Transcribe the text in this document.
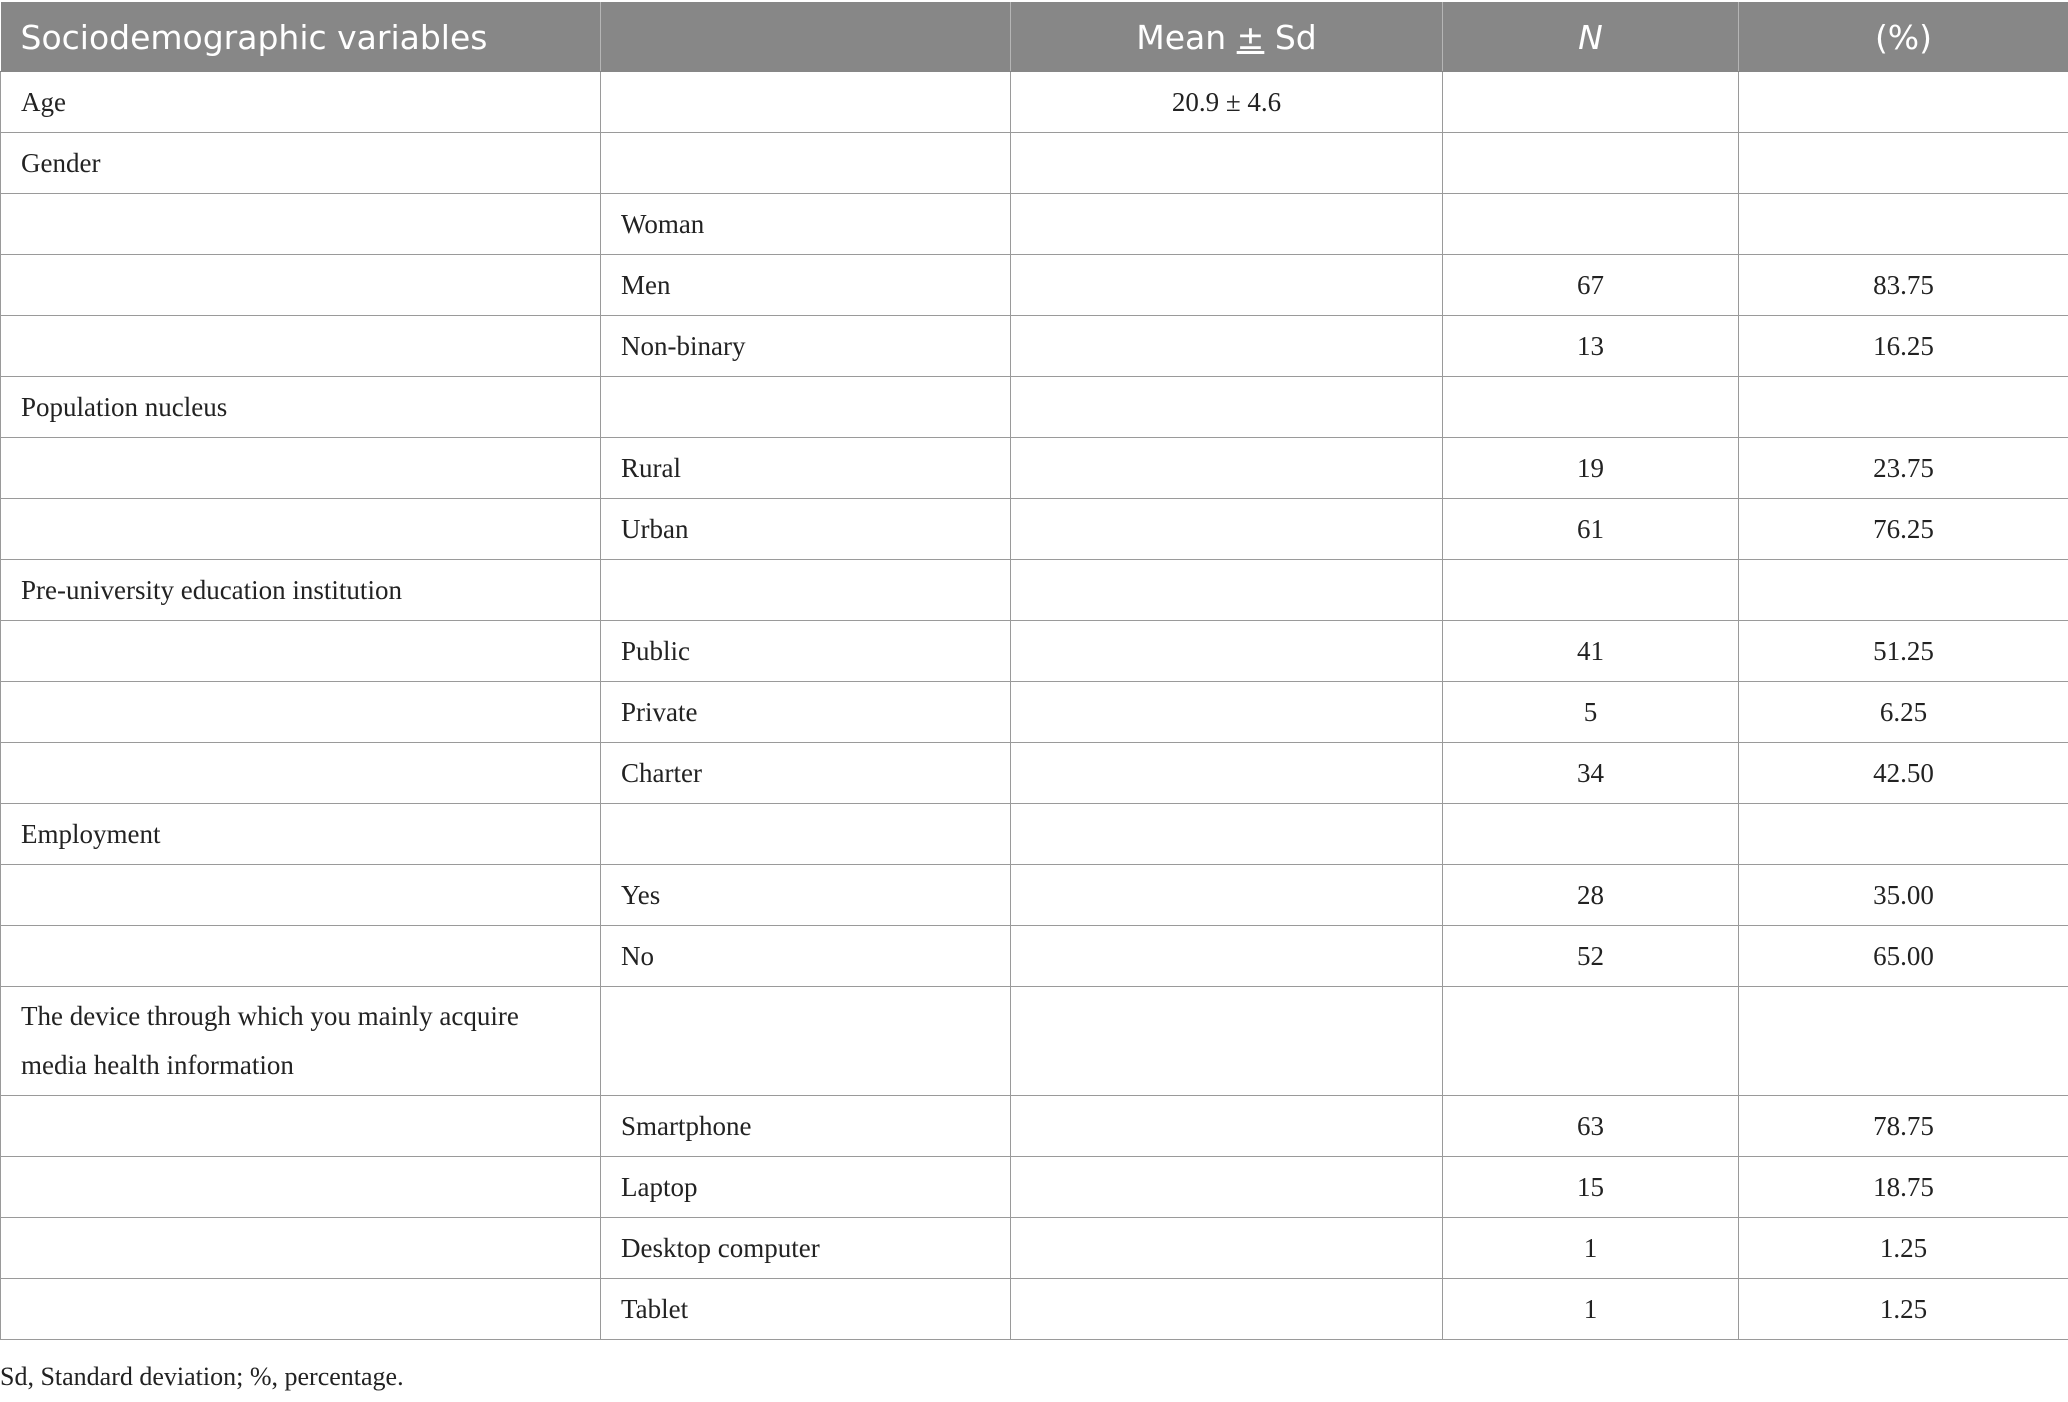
Sociodemographic variables		Mean ± Sd	N	(%)
Age		20.9 ± 4.6		
Gender				
	Woman			
	Men		67	83.75
	Non-binary		13	16.25
Population nucleus				
	Rural		19	23.75
	Urban		61	76.25
Pre-university education institution				
	Public		41	51.25
	Private		5	6.25
	Charter		34	42.50
Employment				
	Yes		28	35.00
	No		52	65.00
The device through which you mainly acquire media health information				
	Smartphone		63	78.75
	Laptop		15	18.75
	Desktop computer		1	1.25
	Tablet		1	1.25
Sd, Standard deviation; %, percentage.
